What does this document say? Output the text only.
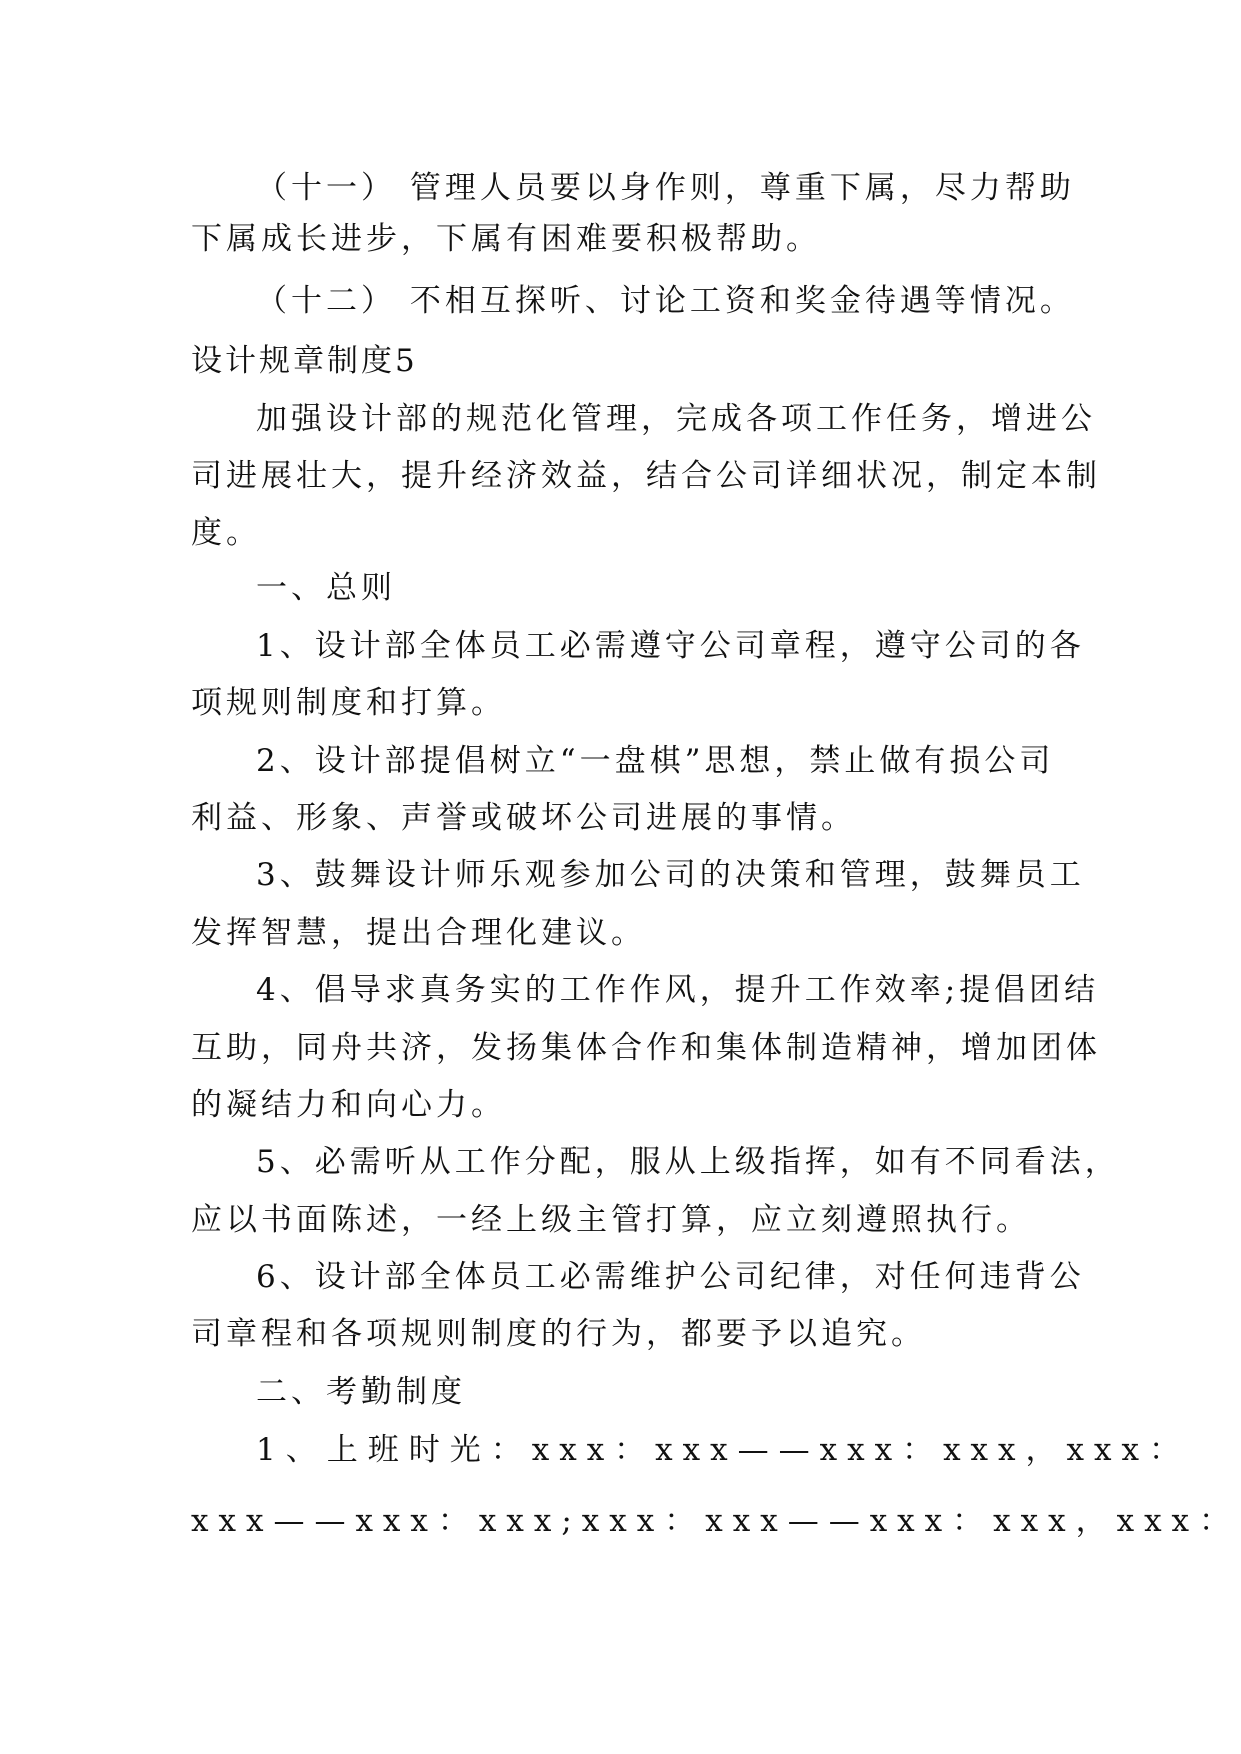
（十一） 管理人员要以身作则，尊重下属，尽力帮助
下属成长进步，下属有困难要积极帮助。
（十二） 不相互探听、讨论工资和奖金待遇等情况。
设计规章制度5
加强设计部的规范化管理，完成各项工作任务，增进公
司进展壮大，提升经济效益，结合公司详细状况，制定本制
度。
一、总则
1、设计部全体员工必需遵守公司章程，遵守公司的各
项规则制度和打算。
2、设计部提倡树立“一盘棋”思想，禁止做有损公司
利益、形象、声誉或破坏公司进展的事情。
3、鼓舞设计师乐观参加公司的决策和管理，鼓舞员工
发挥智慧，提出合理化建议。
4、倡导求真务实的工作作风，提升工作效率;提倡团结
互助，同舟共济，发扬集体合作和集体制造精神，增加团体
的凝结力和向心力。
5、必需听从工作分配，服从上级指挥，如有不同看法，
应以书面陈述，一经上级主管打算，应立刻遵照执行。
6、设计部全体员工必需维护公司纪律，对任何违背公
司章程和各项规则制度的行为，都要予以追究。
二、考勤制度
1、上班时光：xxx：xxx——xxx：xxx，xxx：
xxx——xxx：xxx;xxx：xxx——xxx：xxx，xxx：
